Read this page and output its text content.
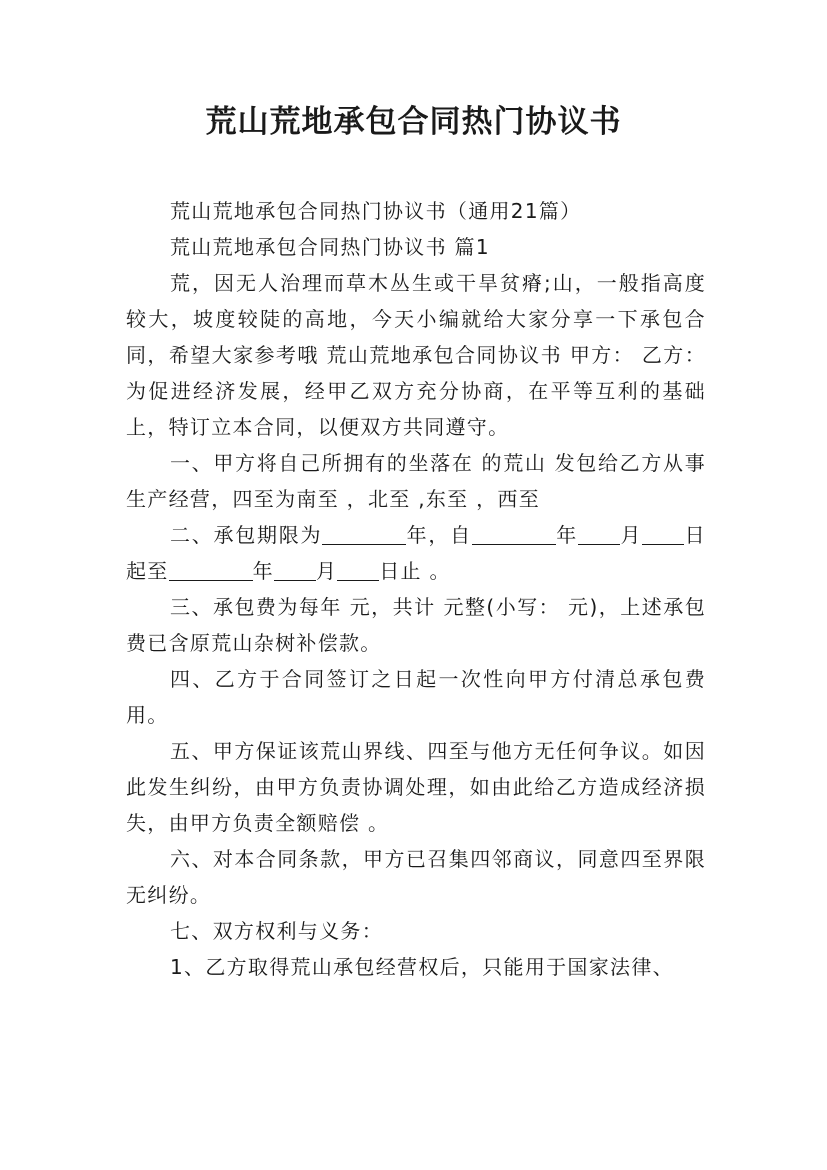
荒山荒地承包合同热门协议书

荒山荒地承包合同热门协议书（通用21篇）

荒山荒地承包合同热门协议书 篇1

荒，因无人治理而草木丛生或干旱贫瘠;山，一般指高度较大，坡度较陡的高地，今天小编就给大家分享一下承包合同，希望大家参考哦 荒山荒地承包合同协议书 甲方： 乙方： 为促进经济发展，经甲乙双方充分协商，在平等互利的基础上，特订立本合同，以便双方共同遵守。

一、甲方将自己所拥有的坐落在 的荒山 发包给乙方从事生产经营，四至为南至 ，北至 ,东至 ，西至

二、承包期限为	年，自	年 月 日起至	年 月 日止 。

三、承包费为每年 元，共计 元整(小写： 元)，上述承包费已含原荒山杂树补偿款。

四、乙方于合同签订之日起一次性向甲方付清总承包费用。

五、甲方保证该荒山界线、四至与他方无任何争议。如因此发生纠纷，由甲方负责协调处理，如由此给乙方造成经济损失，由甲方负责全额赔偿 。

六、对本合同条款，甲方已召集四邻商议，同意四至界限无纠纷。

七、双方权利与义务：

1、乙方取得荒山承包经营权后，只能用于国家法律、
